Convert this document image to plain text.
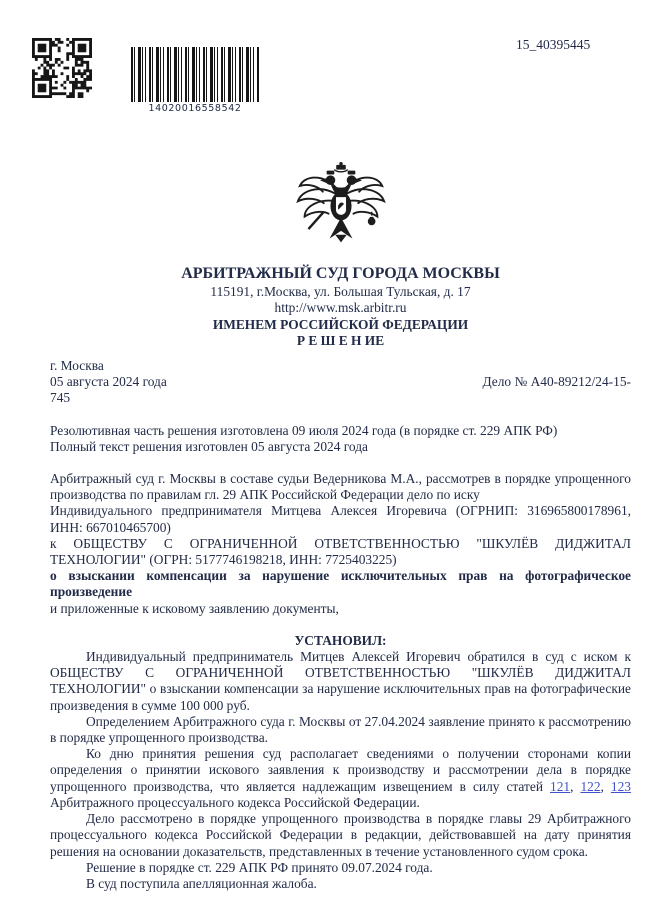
14020016558542
15_40395445

АРБИТРАЖНЫЙ СУД ГОРОДА МОСКВЫ

115191, г.Москва, ул. Большая Тульская, д. 17

http://www.msk.arbitr.ru

ИМЕНЕМ РОССИЙСКОЙ ФЕДЕРАЦИИ

Р Е Ш Е Н ИЕ

г. Москва

05 августа 2024 года	Дело № А40-89212/24-15-

745

Резолютивная часть решения изготовлена 09 июля 2024 года (в порядке ст. 229 АПК РФ)

Полный текст решения изготовлен 05 августа 2024 года

Арбитражный суд г. Москвы в составе судьи Ведерникова М.А., рассмотрев в порядке упрощенного производства по правилам гл. 29 АПК Российской Федерации дело по иску

Индивидуального предпринимателя Митцева Алексея Игоревича (ОГРНИП: 316965800178961, ИНН: 667010465700)

к ОБЩЕСТВУ С ОГРАНИЧЕННОЙ ОТВЕТСТВЕННОСТЬЮ "ШКУЛЁВ ДИДЖИТАЛ ТЕХНОЛОГИИ" (ОГРН: 5177746198218, ИНН: 7725403225)

о взыскании компенсации за нарушение исключительных прав на фотографическое произведение

и приложенные к исковому заявлению документы,

УСТАНОВИЛ:

Индивидуальный предприниматель Митцев Алексей Игоревич обратился в суд с иском к ОБЩЕСТВУ С ОГРАНИЧЕННОЙ ОТВЕТСТВЕННОСТЬЮ "ШКУЛЁВ ДИДЖИТАЛ ТЕХНОЛОГИИ" о взыскании компенсации за нарушение исключительных прав на фотографические произведения в сумме 100 000 руб.

Определением Арбитражного суда г. Москвы от 27.04.2024 заявление принято к рассмотрению в порядке упрощенного производства.

Ко дню принятия решения суд располагает сведениями о получении сторонами копии определения о принятии искового заявления к производству и рассмотрении дела в порядке упрощенного производства, что является надлежащим извещением в силу статей 121, 122, 123 Арбитражного процессуального кодекса Российской Федерации.

Дело рассмотрено в порядке упрощенного производства в порядке главы 29 Арбитражного процессуального кодекса Российской Федерации в редакции, действовавшей на дату принятия решения на основании доказательств, представленных в течение установленного судом срока.

Решение в порядке ст. 229 АПК РФ принято 09.07.2024 года.

В суд поступила апелляционная жалоба.
